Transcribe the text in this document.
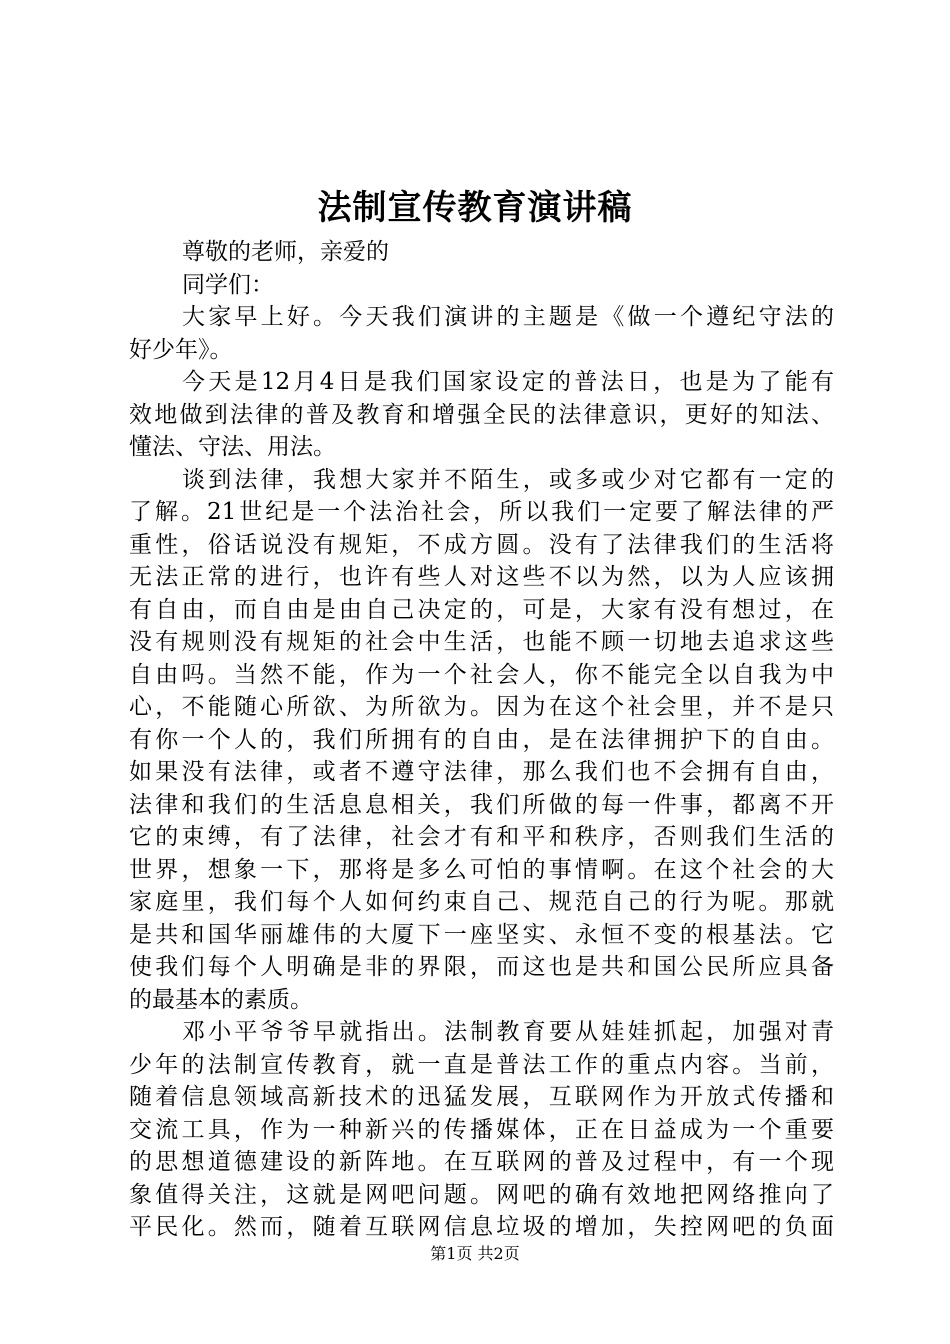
法制宣传教育演讲稿
尊敬的老师，亲爱的
同学们：
大家早上好。今天我们演讲的主题是《做一个遵纪守法的
好少年》。
今天是12月4日是我们国家设定的普法日，也是为了能有
效地做到法律的普及教育和增强全民的法律意识，更好的知法、
懂法、守法、用法。
谈到法律，我想大家并不陌生，或多或少对它都有一定的
了解。21世纪是一个法治社会，所以我们一定要了解法律的严
重性，俗话说没有规矩，不成方圆。没有了法律我们的生活将
无法正常的进行，也许有些人对这些不以为然，以为人应该拥
有自由，而自由是由自己决定的，可是，大家有没有想过，在
没有规则没有规矩的社会中生活，也能不顾一切地去追求这些
自由吗。当然不能，作为一个社会人，你不能完全以自我为中
心，不能随心所欲、为所欲为。因为在这个社会里，并不是只
有你一个人的，我们所拥有的自由，是在法律拥护下的自由。
如果没有法律，或者不遵守法律，那么我们也不会拥有自由，
法律和我们的生活息息相关，我们所做的每一件事，都离不开
它的束缚，有了法律，社会才有和平和秩序，否则我们生活的
世界，想象一下，那将是多么可怕的事情啊。在这个社会的大
家庭里，我们每个人如何约束自己、规范自己的行为呢。那就
是共和国华丽雄伟的大厦下一座坚实、永恒不变的根基法。它
使我们每个人明确是非的界限，而这也是共和国公民所应具备
的最基本的素质。
邓小平爷爷早就指出。法制教育要从娃娃抓起，加强对青
少年的法制宣传教育，就一直是普法工作的重点内容。当前，
随着信息领域高新技术的迅猛发展，互联网作为开放式传播和
交流工具，作为一种新兴的传播媒体，正在日益成为一个重要
的思想道德建设的新阵地。在互联网的普及过程中，有一个现
象值得关注，这就是网吧问题。网吧的确有效地把网络推向了
平民化。然而，随着互联网信息垃圾的增加，失控网吧的负面
第1页 共2页
